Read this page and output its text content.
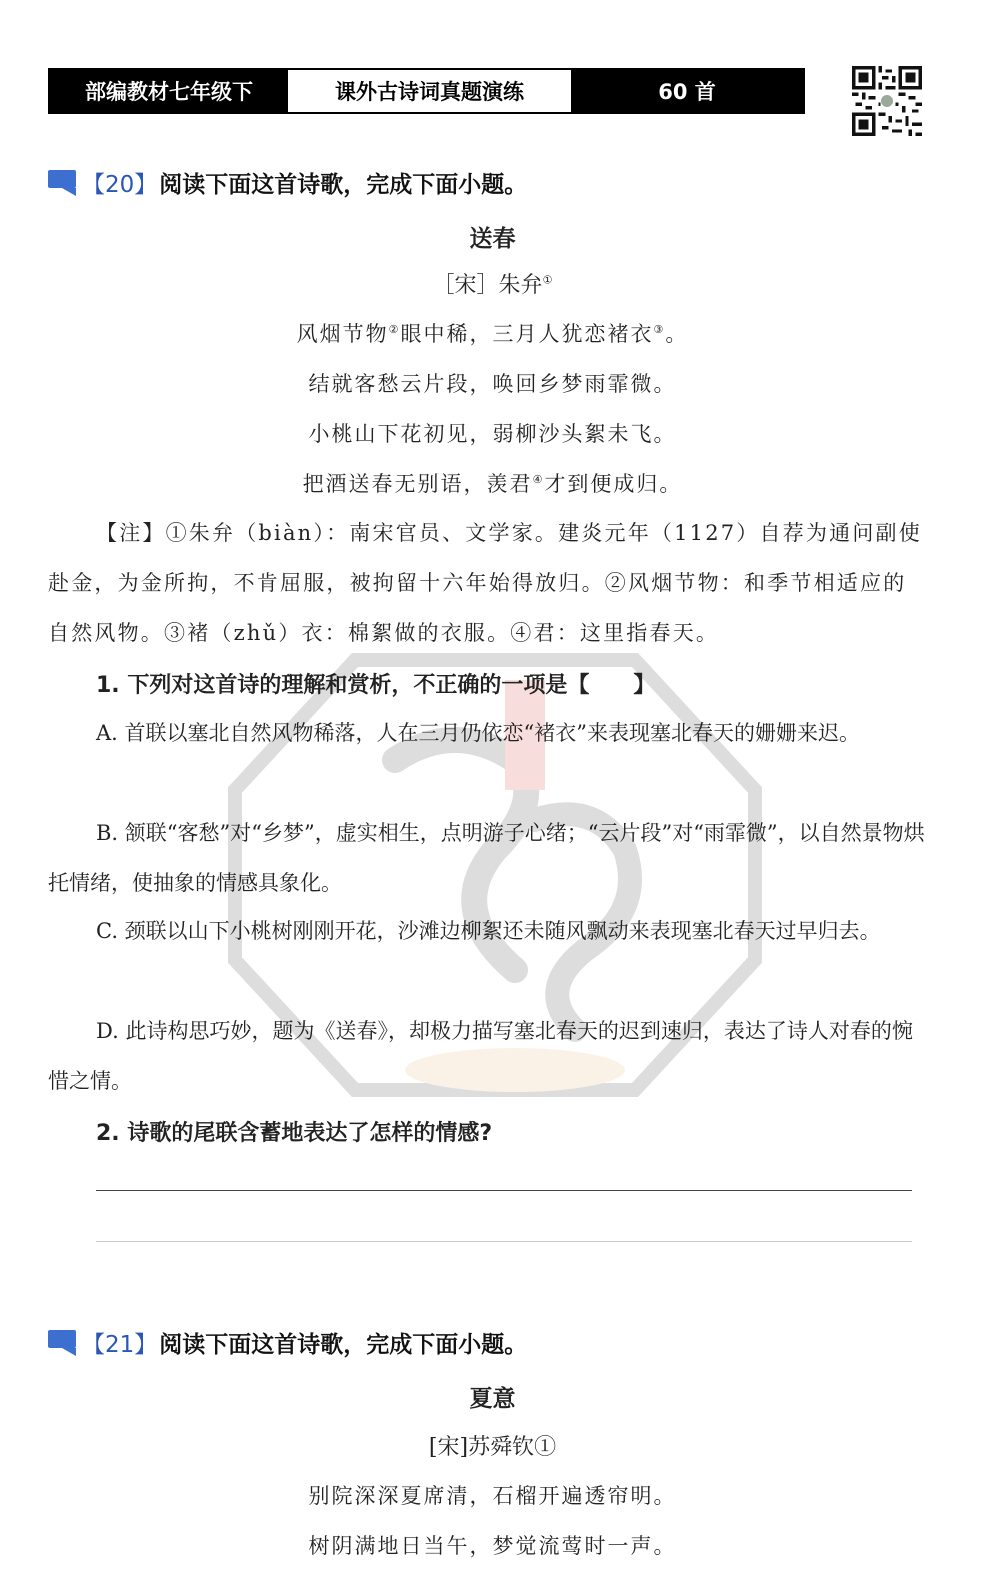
部编教材七年级下	课外古诗词真题演练	60 首
【20】 阅读下面这首诗歌，完成下面小题。
送春
［宋］朱弁①
风烟节物②眼中稀，三月人犹恋褚衣③。
结就客愁云片段，唤回乡梦雨霏微。
小桃山下花初见，弱柳沙头絮未飞。
把酒送春无别语，羡君④才到便成归。
【注】①朱弁（biàn）：南宋官员、文学家。建炎元年（1127）自荐为通问副使赴金，为金所拘，不肯屈服，被拘留十六年始得放归。②风烟节物：和季节相适应的自然风物。③褚（zhǔ）衣：棉絮做的衣服。④君：这里指春天。
1. 下列对这首诗的理解和赏析，不正确的一项是【　　】
A. 首联以塞北自然风物稀落，人在三月仍依恋“褚衣”来表现塞北春天的姗姗来迟。
B. 颔联“客愁”对“乡梦”，虚实相生，点明游子心绪；“云片段”对“雨霏微”，以自然景物烘托情绪，使抽象的情感具象化。
C. 颈联以山下小桃树刚刚开花，沙滩边柳絮还未随风飘动来表现塞北春天过早归去。
D. 此诗构思巧妙，题为《送春》，却极力描写塞北春天的迟到速归，表达了诗人对春的惋惜之情。
2. 诗歌的尾联含蓄地表达了怎样的情感?
【21】 阅读下面这首诗歌，完成下面小题。
夏意
[宋]苏舜钦①
别院深深夏席清，石榴开遍透帘明。
树阴满地日当午，梦觉流莺时一声。
